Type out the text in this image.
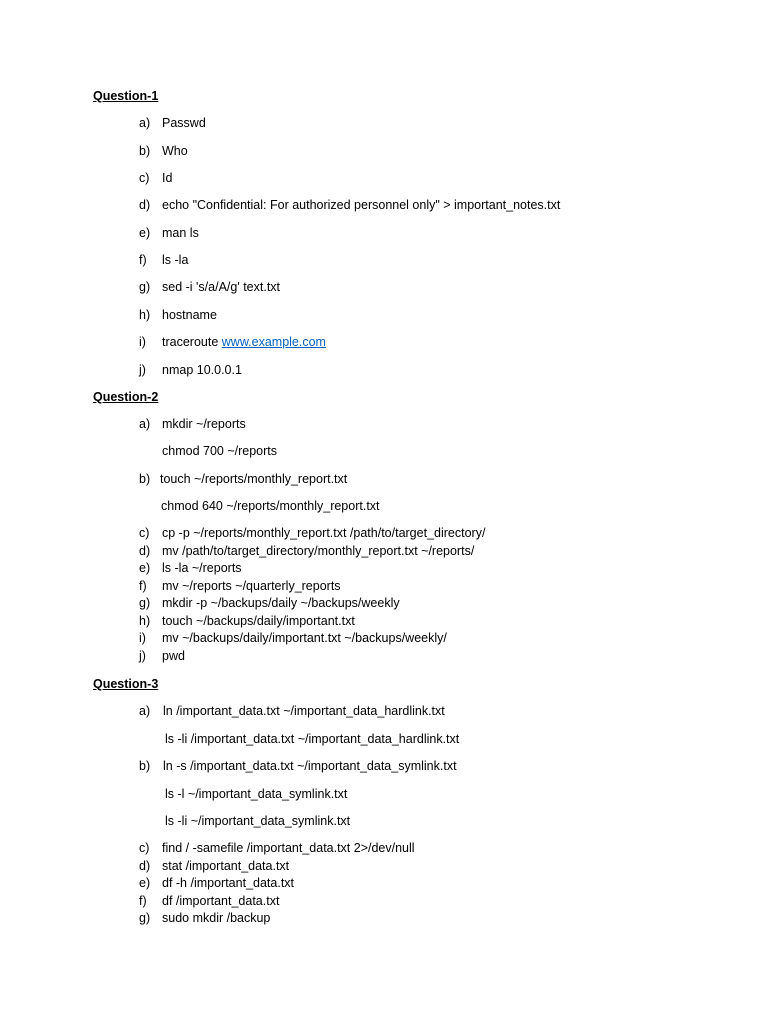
Question-1
a) Passwd
b) Who
c)	Id
d) echo "Confidential: For authorized personnel only" > important_notes.txt
e) man ls
f)	ls -la
g) sed -i 's/a/A/g' text.txt
h) hostname
i)	traceroute www.example.com
j)	nmap 10.0.0.1
Question-2
a) mkdir ~/reports
chmod 700 ~/reports
b) touch ~/reports/monthly_report.txt
chmod 640 ~/reports/monthly_report.txt
c)	cp -p ~/reports/monthly_report.txt /path/to/target_directory/
d) mv /path/to/target_directory/monthly_report.txt ~/reports/
e) ls -la ~/reports
f)	mv ~/reports ~/quarterly_reports
g) mkdir -p ~/backups/daily ~/backups/weekly
h) touch ~/backups/daily/important.txt
i)	mv ~/backups/daily/important.txt ~/backups/weekly/
j)	pwd
Question-3
a)	ln /important_data.txt ~/important_data_hardlink.txt
ls -li /important_data.txt ~/important_data_hardlink.txt
b)	ln -s /important_data.txt ~/important_data_symlink.txt
ls -l ~/important_data_symlink.txt
ls -li ~/important_data_symlink.txt
c)	find / -samefile /important_data.txt 2>/dev/null
d) stat /important_data.txt
e) df -h /important_data.txt
f)	df /important_data.txt
g) sudo mkdir /backup
